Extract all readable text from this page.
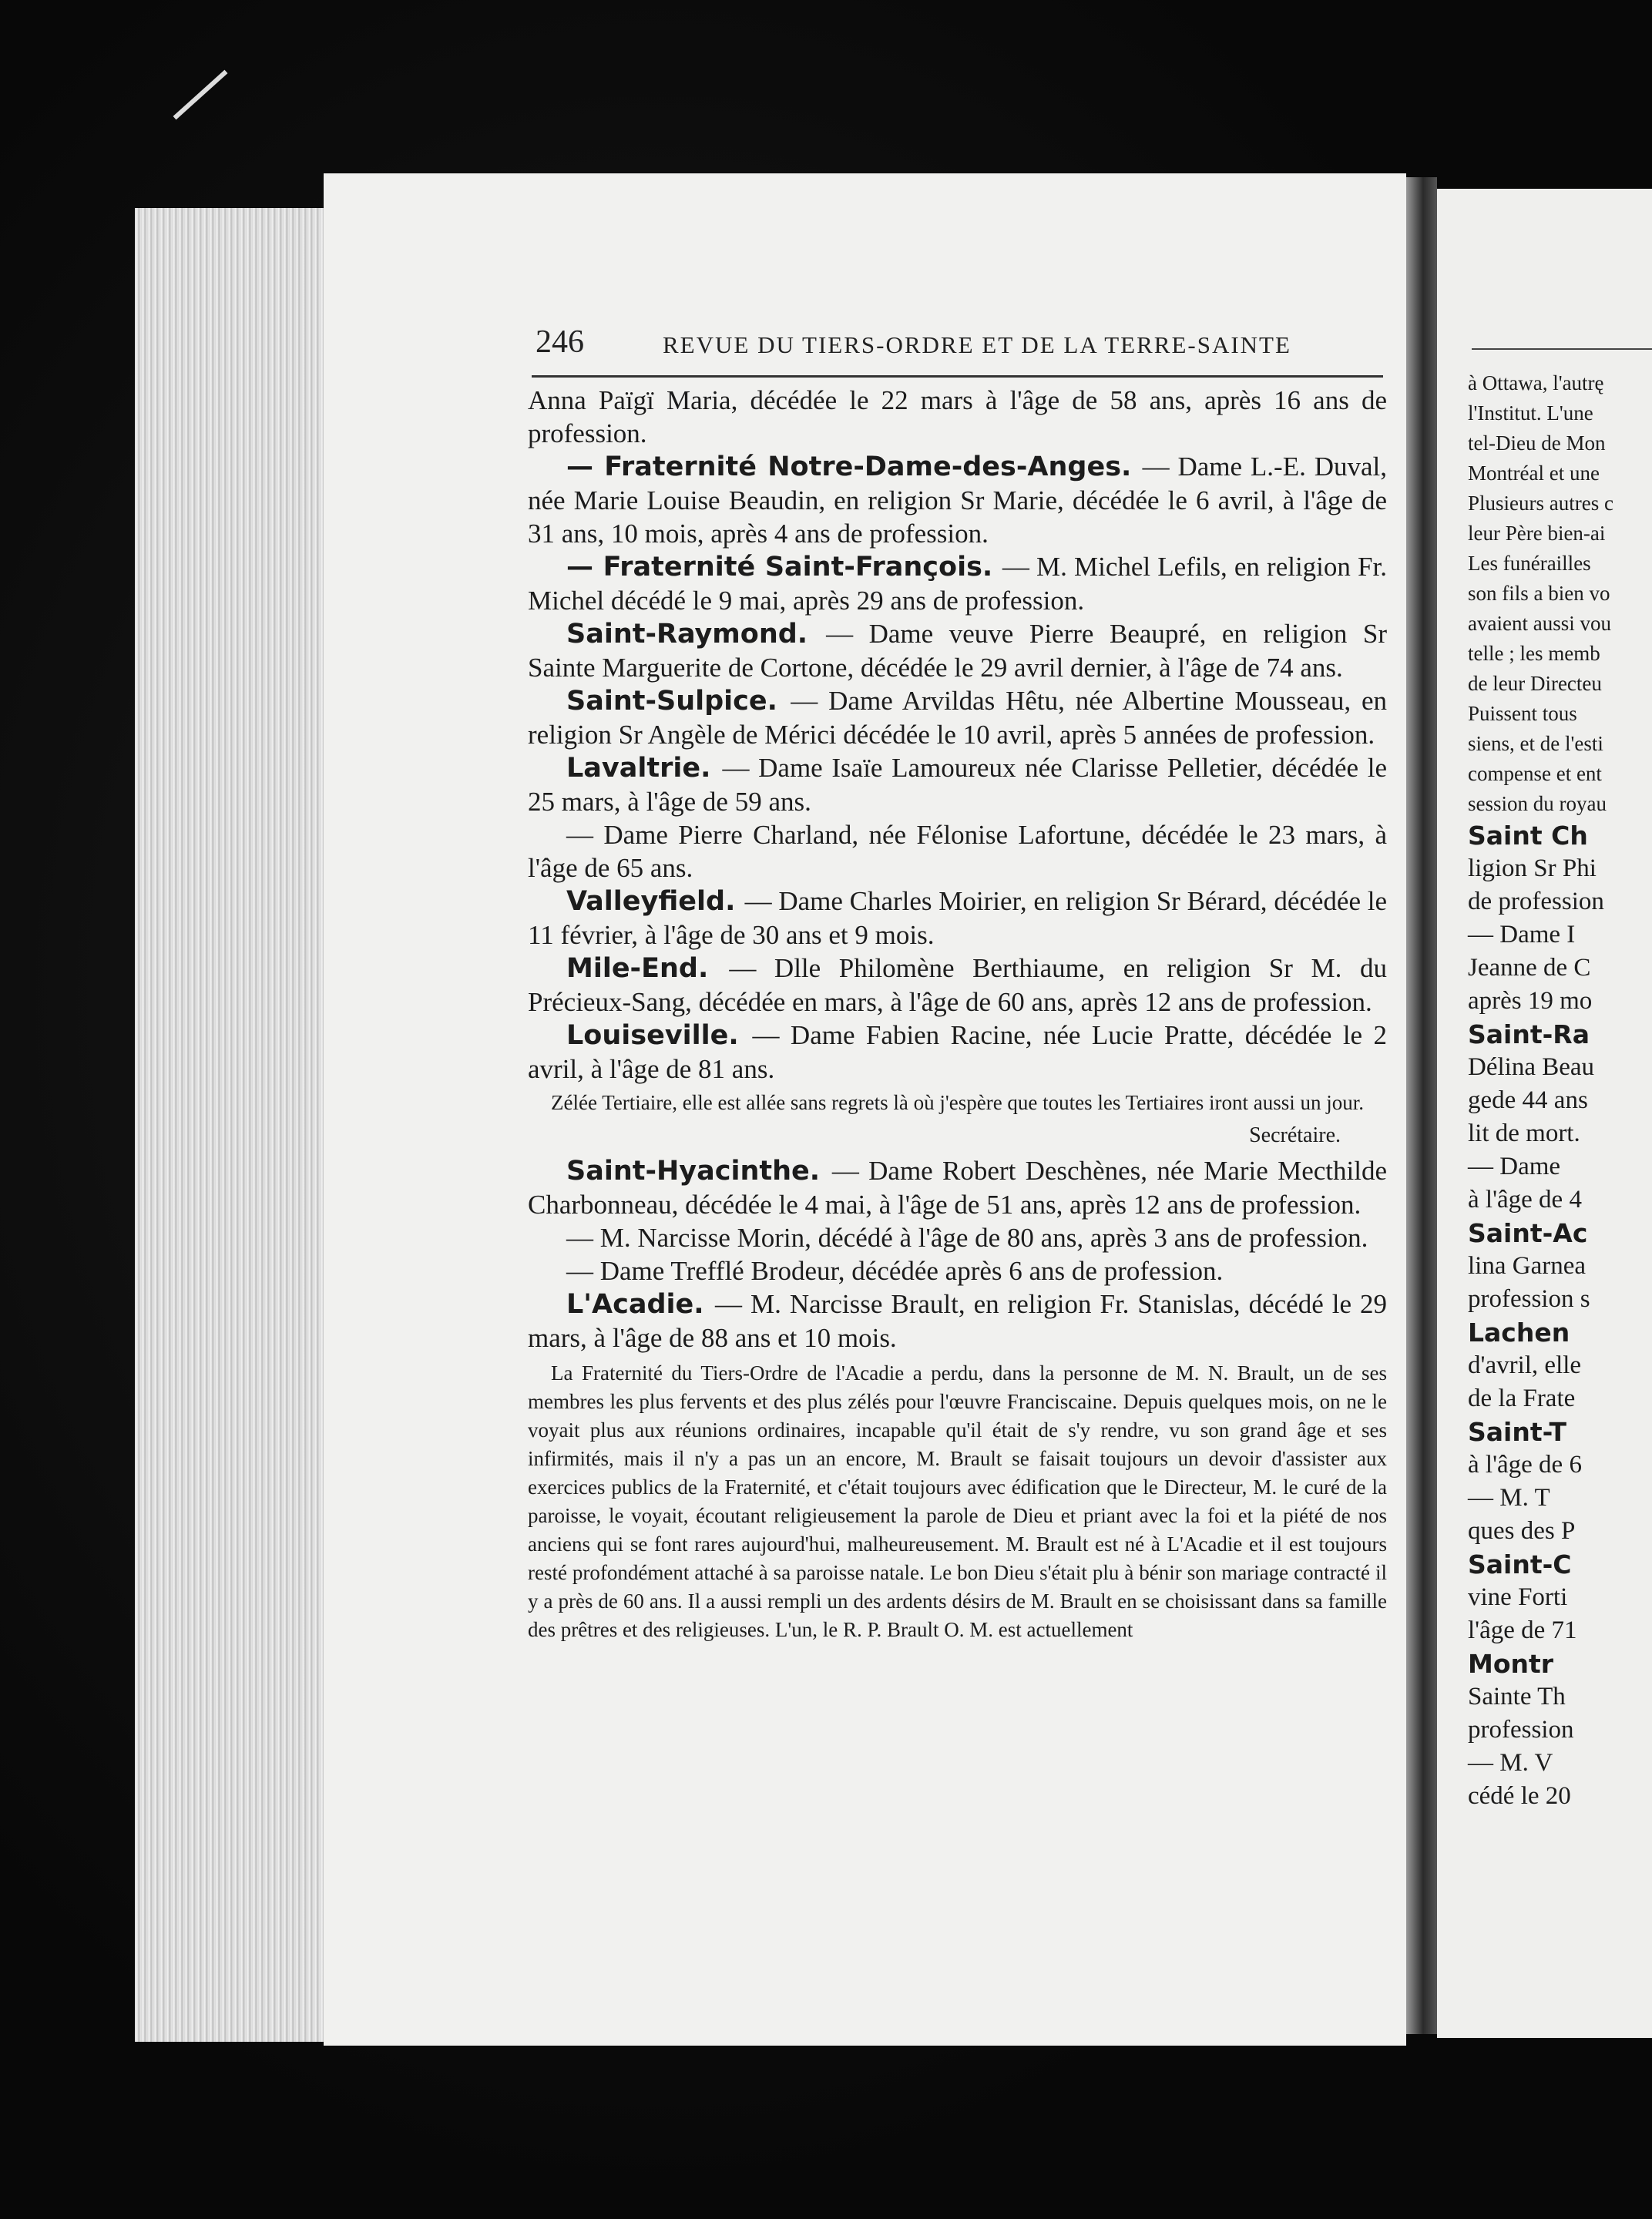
246	REVUE DU TIERS-ORDRE ET DE LA TERRE-SAINTE

Anna Païgï Maria, décédée le 22 mars à l'âge de 58 ans, après 16 ans de profession.

— Fraternité Notre-Dame-des-Anges. — Dame L.-E. Duval, née Marie Louise Beaudin, en religion Sr Marie, décédée le 6 avril, à l'âge de 31 ans, 10 mois, après 4 ans de profession.

— Fraternité Saint-François. — M. Michel Lefils, en religion Fr. Michel décédé le 9 mai, après 29 ans de profession.

Saint-Raymond. — Dame veuve Pierre Beaupré, en religion Sr Sainte Marguerite de Cortone, décédée le 29 avril dernier, à l'âge de 74 ans.

Saint-Sulpice. — Dame Arvildas Hêtu, née Albertine Mousseau, en religion Sr Angèle de Mérici décédée le 10 avril, après 5 années de profession.

Lavaltrie. — Dame Isaïe Lamoureux née Clarisse Pelletier, décédée le 25 mars, à l'âge de 59 ans.

— Dame Pierre Charland, née Félonise Lafortune, décédée le 23 mars, à l'âge de 65 ans.

Valleyfield. — Dame Charles Moirier, en religion Sr Bérard, décédée le 11 février, à l'âge de 30 ans et 9 mois.

Mile-End. — Dlle Philomène Berthiaume, en religion Sr M. du Précieux-Sang, décédée en mars, à l'âge de 60 ans, après 12 ans de profession.

Louiseville. — Dame Fabien Racine, née Lucie Pratte, décédée le 2 avril, à l'âge de 81 ans.

Zélée Tertiaire, elle est allée sans regrets là où j'espère que toutes les Tertiaires iront aussi un jour.

Secrétaire.

Saint-Hyacinthe. — Dame Robert Deschènes, née Marie Mecthilde Charbonneau, décédée le 4 mai, à l'âge de 51 ans, après 12 ans de profession.

— M. Narcisse Morin, décédé à l'âge de 80 ans, après 3 ans de profession.

— Dame Trefflé Brodeur, décédée après 6 ans de profession.

L'Acadie. — M. Narcisse Brault, en religion Fr. Stanislas, décédé le 29 mars, à l'âge de 88 ans et 10 mois.

La Fraternité du Tiers-Ordre de l'Acadie a perdu, dans la personne de M. N. Brault, un de ses membres les plus fervents et des plus zélés pour l'œuvre Franciscaine. Depuis quelques mois, on ne le voyait plus aux réunions ordinaires, incapable qu'il était de s'y rendre, vu son grand âge et ses infirmités, mais il n'y a pas un an encore, M. Brault se faisait toujours un devoir d'assister aux exercices publics de la Fraternité, et c'était toujours avec édification que le Directeur, M. le curé de la paroisse, le voyait, écoutant religieusement la parole de Dieu et priant avec la foi et la piété de nos anciens qui se font rares aujourd'hui, malheureusement. M. Brault est né à L'Acadie et il est toujours resté profondément attaché à sa paroisse natale. Le bon Dieu s'était plu à bénir son mariage contracté il y a près de 60 ans. Il a aussi rempli un des ardents désirs de M. Brault en se choisissant dans sa famille des prêtres et des religieuses. L'un, le R. P. Brault O. M. est actuellement

à Ottawa, l'autrę
l'Institut. L'une
tel-Dieu de Mon
Montréal et une
Plusieurs autres c
leur Père bien-ai
Les funérailles
son fils a bien vo
avaient aussi vou
telle ; les memb
de leur Directeu
Puissent tous
siens, et de l'esti
compense et ent
session du royau
Saint Ch
ligion Sr Phi
de profession
— Dame I
Jeanne de C
après 19 mo
Saint-Ra
Délina Beau
gede 44 ans
lit de mort.
— Dame
à l'âge de 4
Saint-Ac
lina Garnea
profession s
Lachen
d'avril, elle
de la Frate
Saint-T
à l'âge de 6
— M. T
ques des P
Saint-C
vine Forti
l'âge de 71
Montr
Sainte Th
profession
— M. V
cédé le 20
